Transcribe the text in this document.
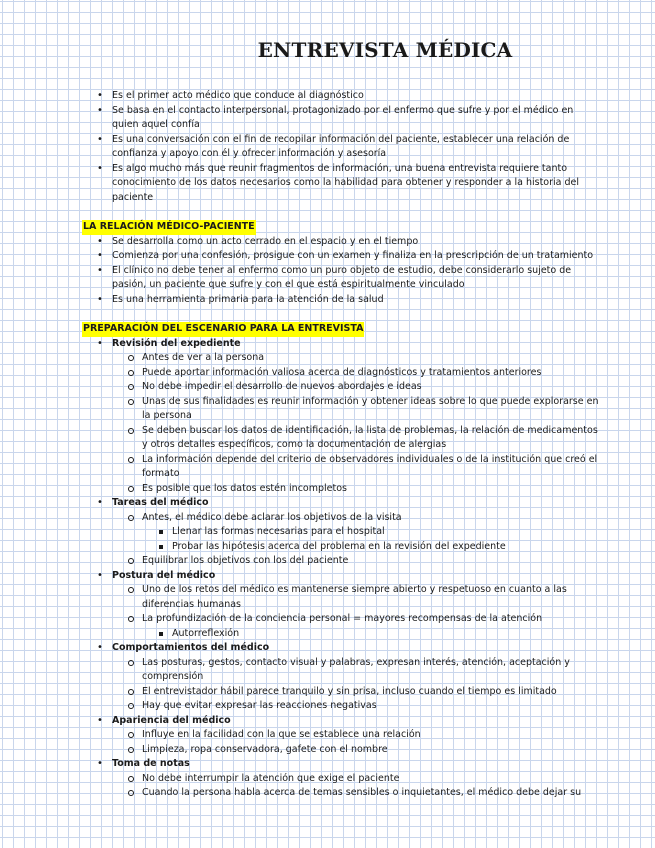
ENTREVISTA MÉDICA
• Es el primer acto médico que conduce al diagnóstico
• Se basa en el contacto interpersonal, protagonizado por el enfermo que sufre y por el médico en quien aquel confía
• Es una conversación con el fin de recopilar información del paciente, establecer una relación de confianza y apoyo con él y ofrecer información y asesoría
• Es algo mucho más que reunir fragmentos de información, una buena entrevista requiere tanto conocimiento de los datos necesarios como la habilidad para obtener y responder a la historia del paciente
LA RELACIÓN MÉDICO-PACIENTE
• Se desarrolla como un acto cerrado en el espacio y en el tiempo
• Comienza por una confesión, prosigue con un examen y finaliza en la prescripción de un tratamiento
• El clínico no debe tener al enfermo como un puro objeto de estudio, debe considerarlo sujeto de pasión, un paciente que sufre y con el que está espiritualmente vinculado
• Es una herramienta primaria para la atención de la salud
PREPARACIÓN DEL ESCENARIO PARA LA ENTREVISTA
• Revisión del expediente
Antes de ver a la persona
Puede aportar información valiosa acerca de diagnósticos y tratamientos anteriores
No debe impedir el desarrollo de nuevos abordajes e ideas
Unas de sus finalidades es reunir información y obtener ideas sobre lo que puede explorarse en la persona
Se deben buscar los datos de identificación, la lista de problemas, la relación de medicamentos y otros detalles específicos, como la documentación de alergias
La información depende del criterio de observadores individuales o de la institución que creó el formato
Es posible que los datos estén incompletos
• Tareas del médico
Antes, el médico debe aclarar los objetivos de la visita
Llenar las formas necesarias para el hospital
Probar las hipótesis acerca del problema en la revisión del expediente
Equilibrar los objetivos con los del paciente
• Postura del médico
Uno de los retos del médico es mantenerse siempre abierto y respetuoso en cuanto a las diferencias humanas
La profundización de la conciencia personal = mayores recompensas de la atención
Autorreflexión
• Comportamientos del médico
Las posturas, gestos, contacto visual y palabras, expresan interés, atención, aceptación y comprensión
El entrevistador hábil parece tranquilo y sin prisa, incluso cuando el tiempo es limitado
Hay que evitar expresar las reacciones negativas
• Apariencia del médico
Influye en la facilidad con la que se establece una relación
Limpieza, ropa conservadora, gafete con el nombre
• Toma de notas
No debe interrumpir la atención que exige el paciente
Cuando la persona habla acerca de temas sensibles o inquietantes, el médico debe dejar su
